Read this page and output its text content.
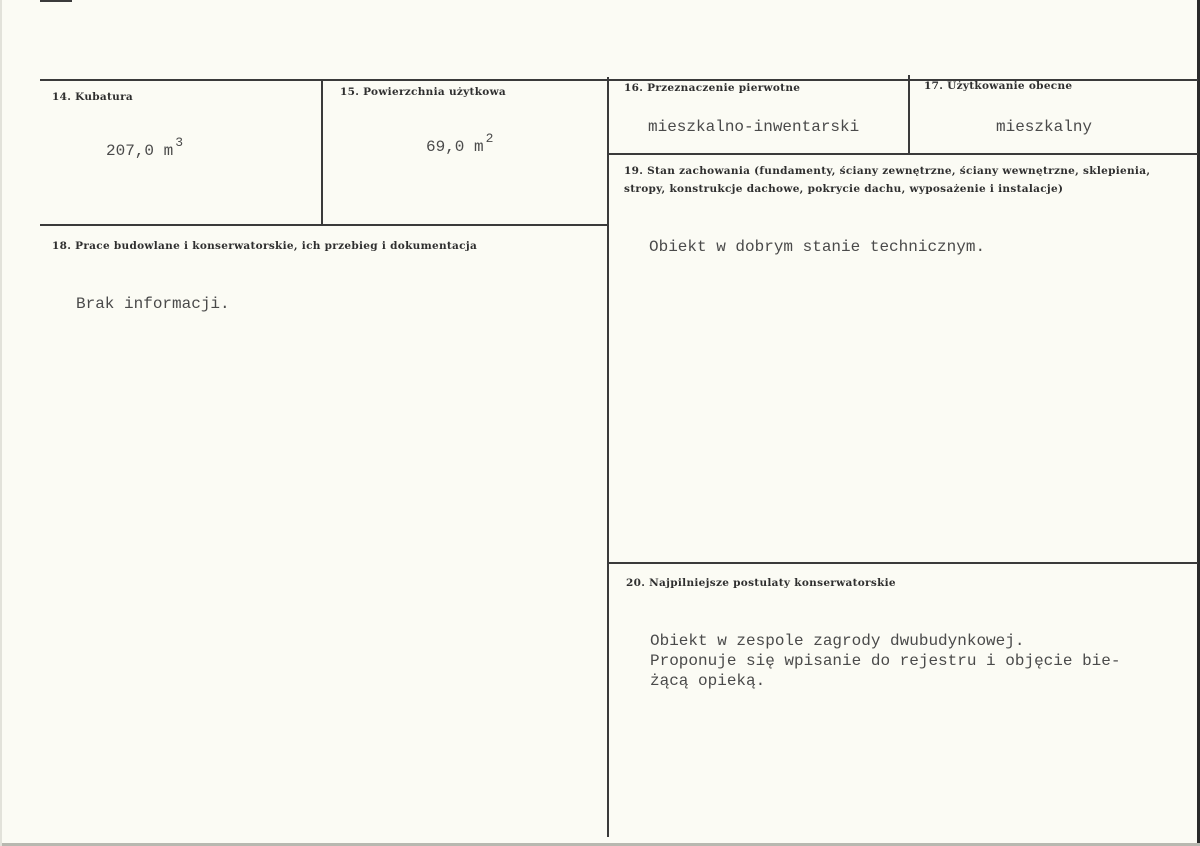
14. Kubatura
207,0 m $^3$
15. Powierzchnia użytkowa
69,0 m $^2$
16. Przeznaczenie pierwotne
mieszkalno-inwentarski
17. Użytkowanie obecne
mieszkalny
18. Prace budowlane i konserwatorskie, ich przebieg i dokumentacja
Brak informacji.
19. Stan zachowania (fundamenty, ściany zewnętrzne, ściany wewnętrzne, sklepienia, stropy, konstrukcje dachowe, pokrycie dachu, wyposażenie i instalacje)
Obiekt w dobrym stanie technicznym.
20. Najpilniejsze postulaty konserwatorskie
Obiekt w zespole zagrody dwubudynkowej.
Proponuje się wpisanie do rejestru i objęcie bie-
żącą opieką.
